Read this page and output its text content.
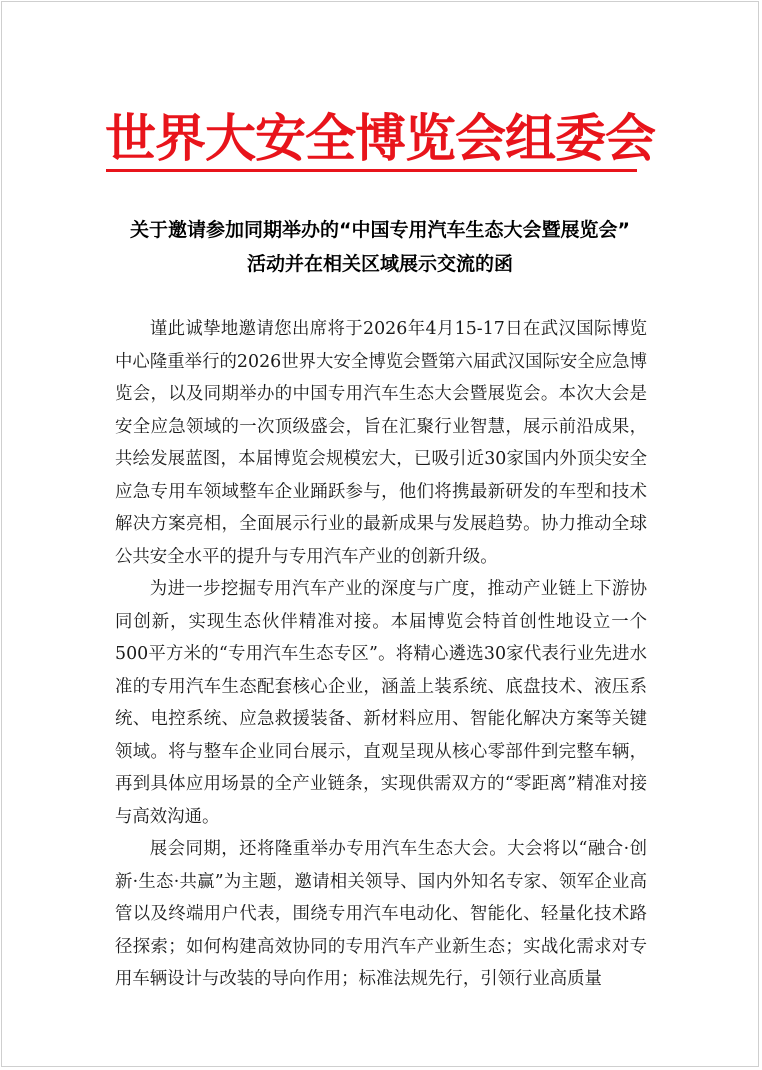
世界大安全博览会组委会
关于邀请参加同期举办的“中国专用汽车生态大会暨展览会”
活动并在相关区域展示交流的函

谨此诚挚地邀请您出席将于2026年4月15-17日在武汉国际博览中心隆重举行的2026世界大安全博览会暨第六届武汉国际安全应急博览会，以及同期举办的中国专用汽车生态大会暨展览会。本次大会是安全应急领域的一次顶级盛会，旨在汇聚行业智慧，展示前沿成果，共绘发展蓝图，本届博览会规模宏大，已吸引近30家国内外顶尖安全应急专用车领域整车企业踊跃参与，他们将携最新研发的车型和技术解决方案亮相，全面展示行业的最新成果与发展趋势。协力推动全球公共安全水平的提升与专用汽车产业的创新升级。

为进一步挖掘专用汽车产业的深度与广度，推动产业链上下游协同创新，实现生态伙伴精准对接。本届博览会特首创性地设立一个500平方米的“专用汽车生态专区”。将精心遴选30家代表行业先进水准的专用汽车生态配套核心企业，涵盖上装系统、底盘技术、液压系统、电控系统、应急救援装备、新材料应用、智能化解决方案等关键领域。将与整车企业同台展示，直观呈现从核心零部件到完整车辆，再到具体应用场景的全产业链条，实现供需双方的“零距离”精准对接与高效沟通。

展会同期，还将隆重举办专用汽车生态大会。大会将以“融合·创新·生态·共赢”为主题，邀请相关领导、国内外知名专家、领军企业高管以及终端用户代表，围绕专用汽车电动化、智能化、轻量化技术路径探索；如何构建高效协同的专用汽车产业新生态；实战化需求对专用车辆设计与改装的导向作用；标准法规先行，引领行业高质量
